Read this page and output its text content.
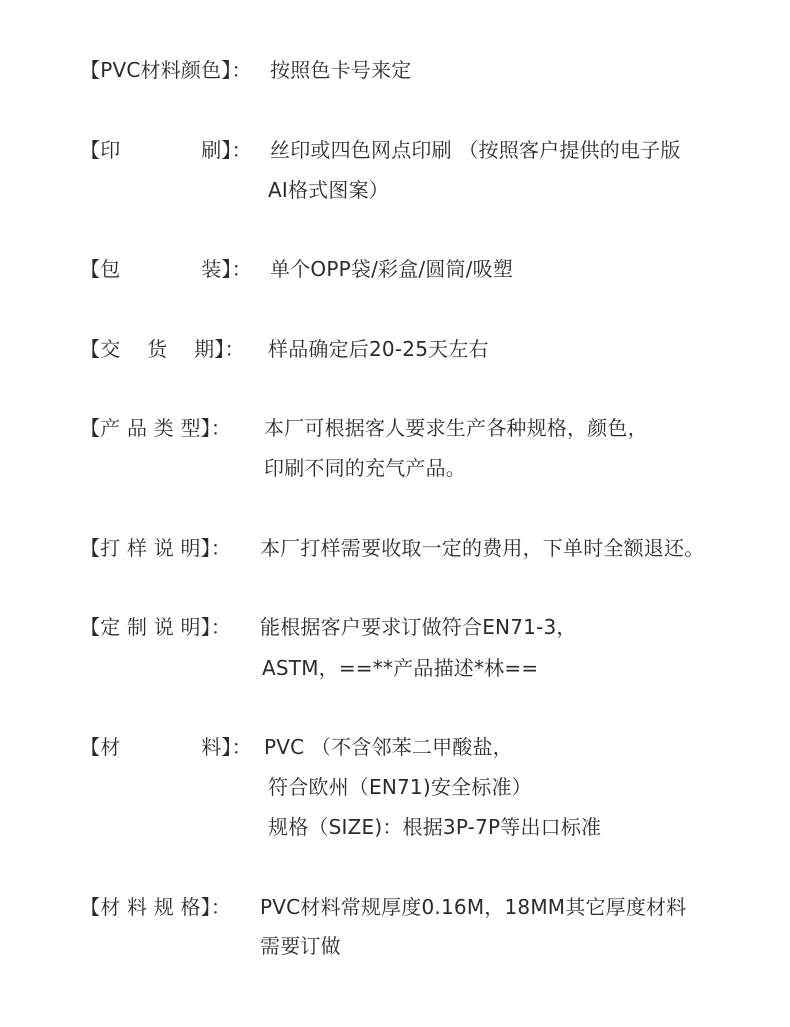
【PVC材料颜色】： 按照色卡号来定
【印　　　　刷】： 丝印或四色网点印刷 （按照客户提供的电子版
AI格式图案）
【包　　　　装】： 单个OPP袋/彩盒/圆筒/吸塑
【交　 货　 期】： 样品确定后20-25天左右
【产 品 类 型】： 本厂可根据客人要求生产各种规格，颜色，
印刷不同的充气产品。
【打 样 说 明】： 本厂打样需要收取一定的费用，下单时全额退还。
【定 制 说 明】： 能根据客户要求订做符合EN71-3，
ASTM，==**产品描述*林==
【材　　　　料】： PVC （不含邻苯二甲酸盐，
符合欧州（EN71)安全标准）
规格（SIZE)：根据3P-7P等出口标准
【材 料 规 格】： PVC材料常规厚度0.16M，18MM其它厚度材料
需要订做
